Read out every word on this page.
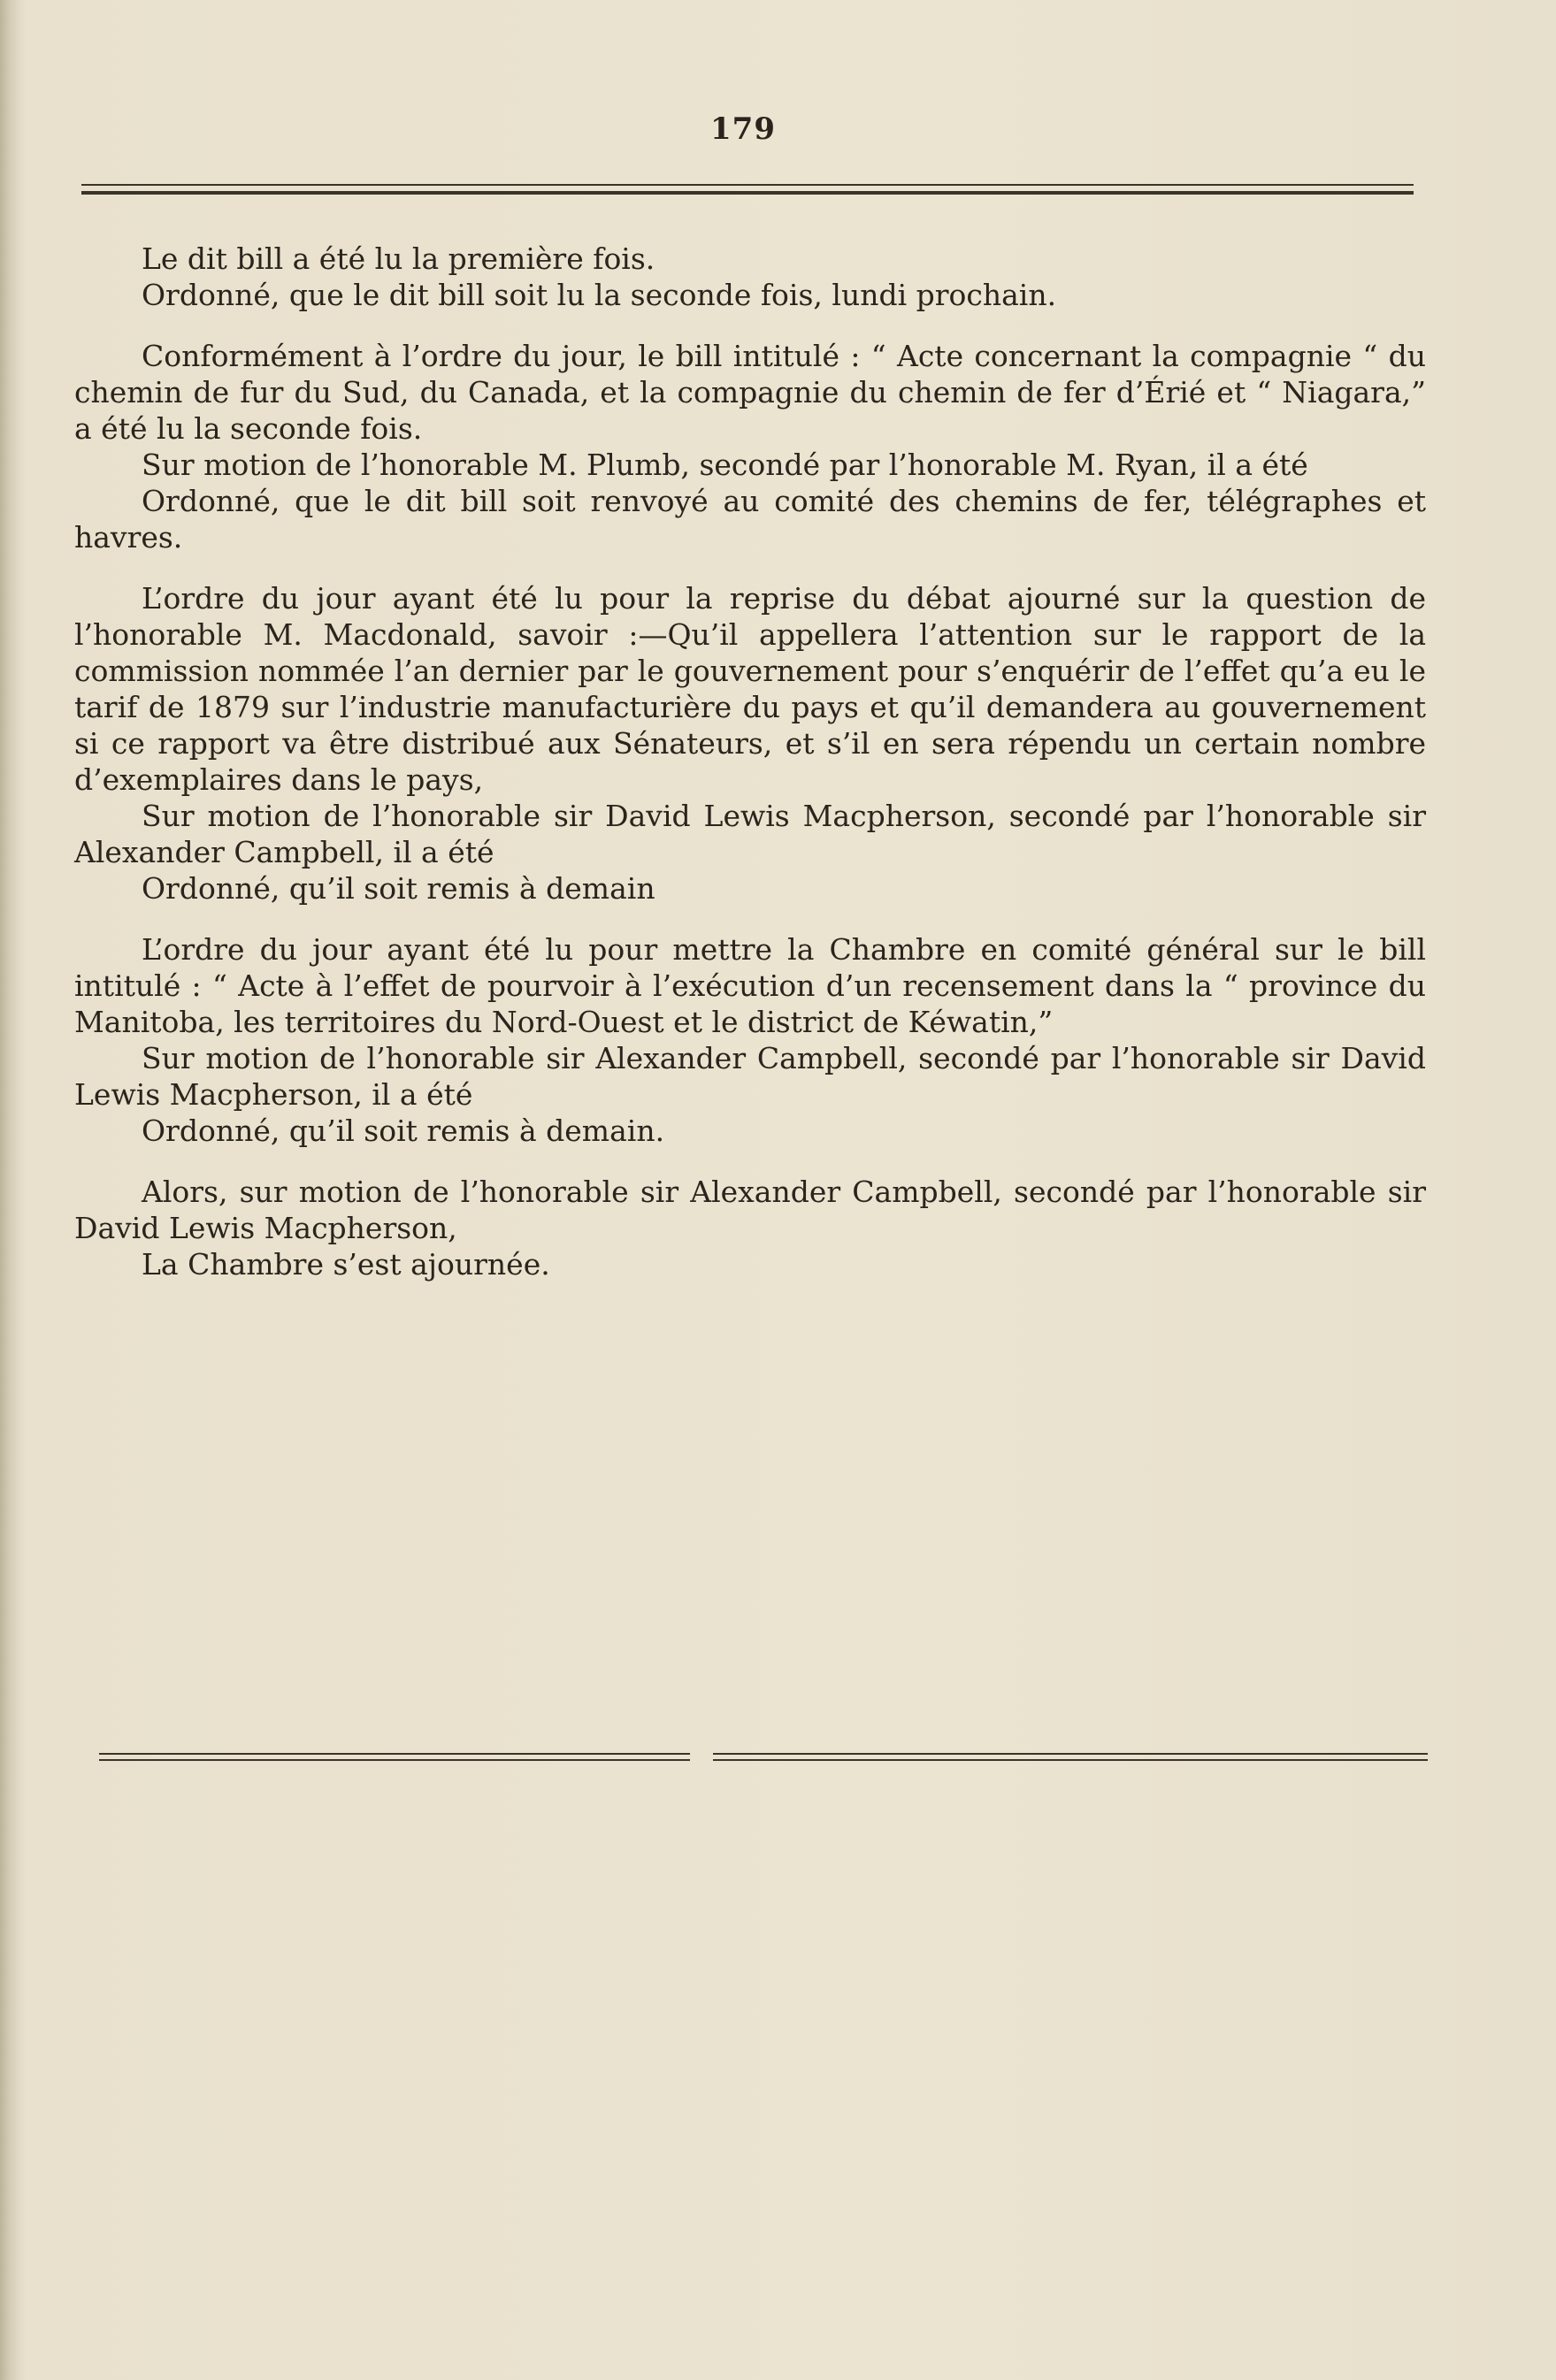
179

Le dit bill a été lu la première fois.

Ordonné, que le dit bill soit lu la seconde fois, lundi prochain.

Conformément à l’ordre du jour, le bill intitulé : “ Acte concernant la compagnie “ du chemin de fur du Sud, du Canada, et la compagnie du chemin de fer d’Érié et “ Niagara,” a été lu la seconde fois.

Sur motion de l’honorable M. Plumb, secondé par l’honorable M. Ryan, il a été

Ordonné, que le dit bill soit renvoyé au comité des chemins de fer, télégraphes et havres.

L’ordre du jour ayant été lu pour la reprise du débat ajourné sur la question de l’honorable M. Macdonald, savoir :—Qu’il appellera l’attention sur le rapport de la commission nommée l’an dernier par le gouvernement pour s’enquérir de l’effet qu’a eu le tarif de 1879 sur l’industrie manufacturière du pays et qu’il demandera au gouvernement si ce rapport va être distribué aux Sénateurs, et s’il en sera répendu un certain nombre d’exemplaires dans le pays,

Sur motion de l’honorable sir David Lewis Macpherson, secondé par l’honorable sir Alexander Campbell, il a été

Ordonné, qu’il soit remis à demain

L’ordre du jour ayant été lu pour mettre la Chambre en comité général sur le bill intitulé : “ Acte à l’effet de pourvoir à l’exécution d’un recensement dans la “ province du Manitoba, les territoires du Nord-Ouest et le district de Kéwatin,”

Sur motion de l’honorable sir Alexander Campbell, secondé par l’honorable sir David Lewis Macpherson, il a été

Ordonné, qu’il soit remis à demain.

Alors, sur motion de l’honorable sir Alexander Campbell, secondé par l’honorable sir David Lewis Macpherson,

La Chambre s’est ajournée.
